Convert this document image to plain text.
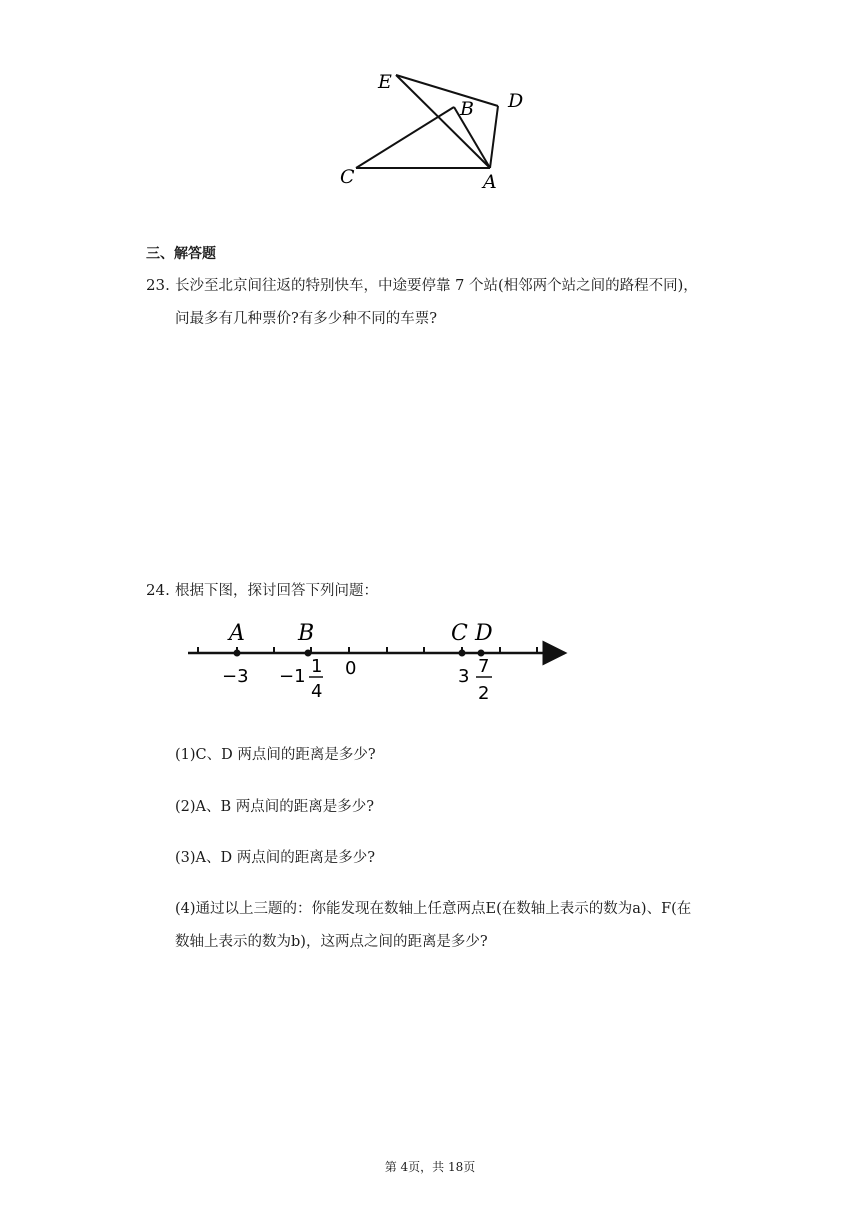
E
B D
C	A
三、解答题
23. 长沙至北京间往返的特别快车，中途要停靠 7 个站(相邻两个站之间的路程不同)，
问最多有几种票价?有多少种不同的车票?
24. 根据下图，探讨回答下列问题：
A B	C D
−3 −1 1
4
0	3 7
2
(1)C、D 两点间的距离是多少?
(2)A、B 两点间的距离是多少?
(3)A、D 两点间的距离是多少?
(4)通过以上三题的：你能发现在数轴上任意两点E(在数轴上表示的数为a)、F(在
数轴上表示的数为b)，这两点之间的距离是多少?
第 4页，共 18页
